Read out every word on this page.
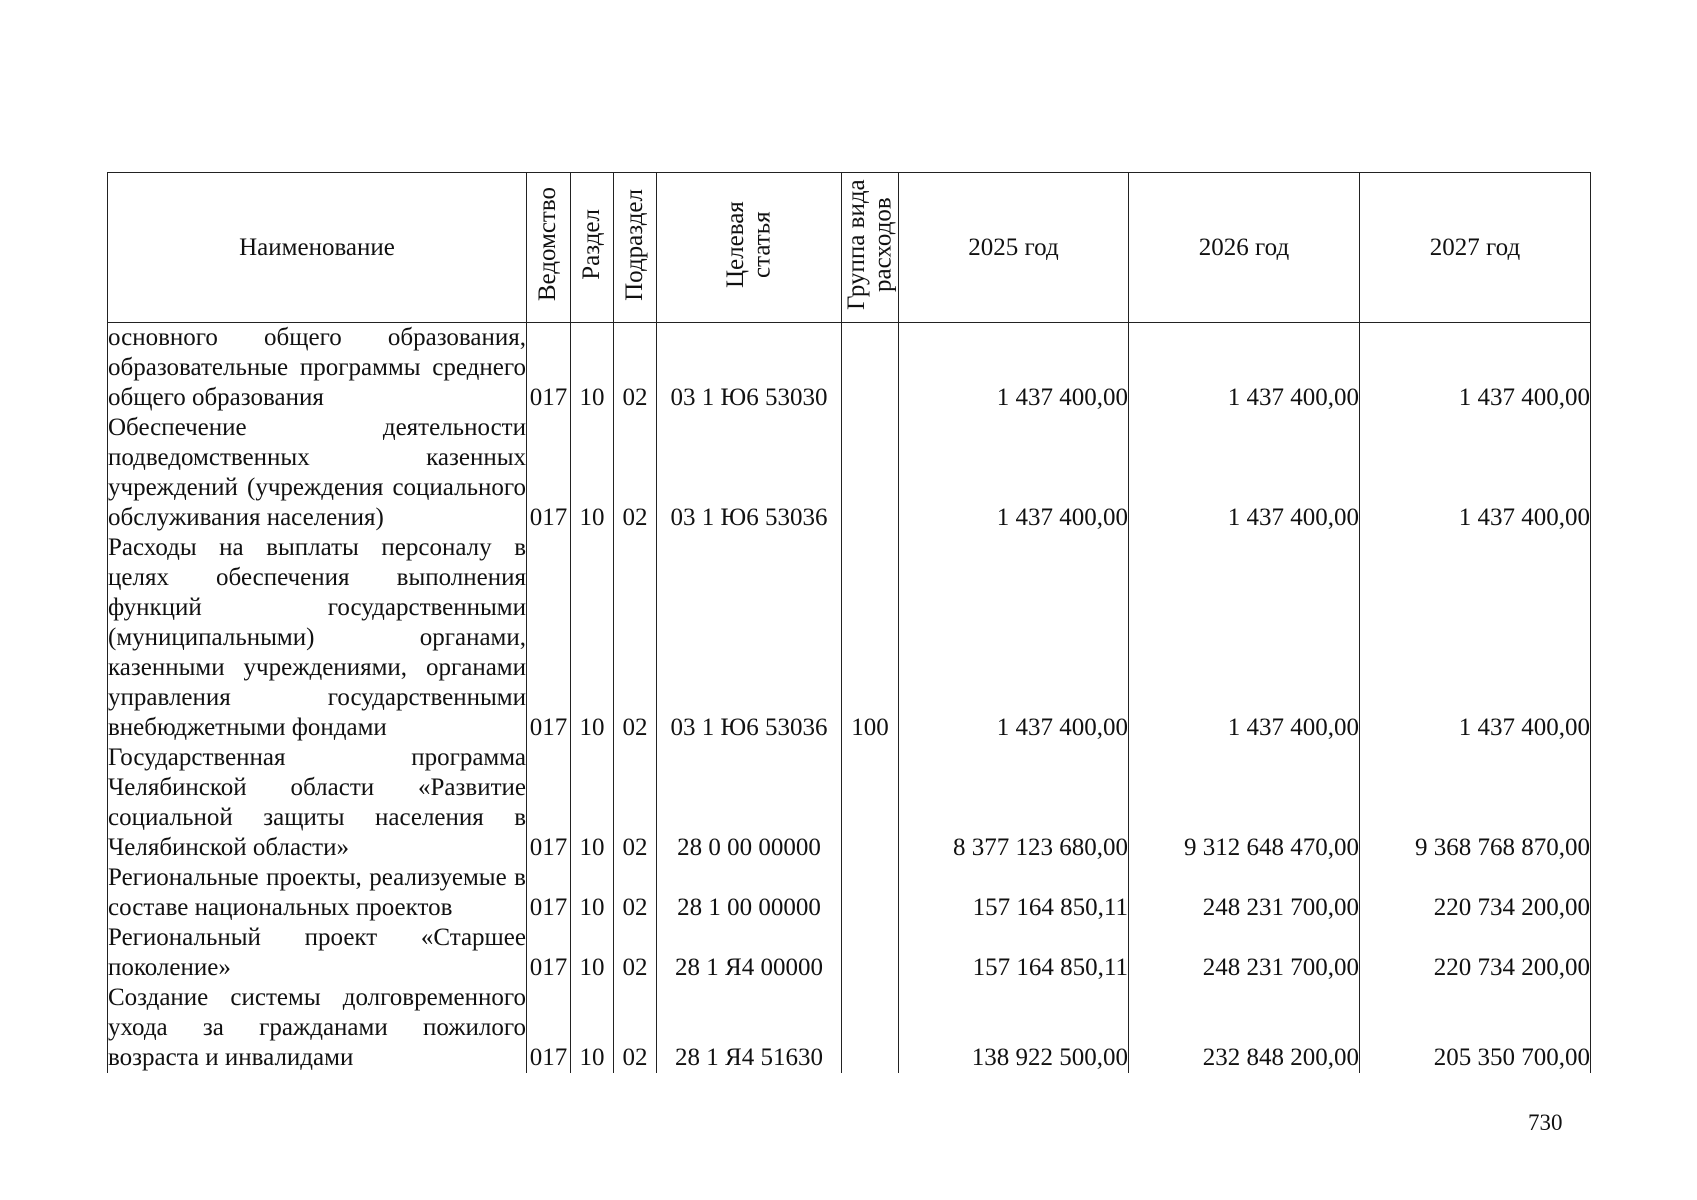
Наименование	Ведомство	Раздел	Подраздел	Целевая статья	Группа вида расходов	2025 год	2026 год	2027 год
основного общего образования, образовательные программы среднего общего образования	017	10	02	03 1 Ю6 53030		1 437 400,00	1 437 400,00	1 437 400,00
Обеспечение деятельности подведомственных казенных учреждений (учреждения социального обслуживания населения)	017	10	02	03 1 Ю6 53036		1 437 400,00	1 437 400,00	1 437 400,00
Расходы на выплаты персоналу в целях обеспечения выполнения функций государственными (муниципальными) органами, казенными учреждениями, органами управления государственными внебюджетными фондами	017	10	02	03 1 Ю6 53036	100	1 437 400,00	1 437 400,00	1 437 400,00
Государственная программа Челябинской области «Развитие социальной защиты населения в Челябинской области»	017	10	02	28 0 00 00000		8 377 123 680,00	9 312 648 470,00	9 368 768 870,00
Региональные проекты, реализуемые в составе национальных проектов	017	10	02	28 1 00 00000		157 164 850,11	248 231 700,00	220 734 200,00
Региональный проект «Старшее поколение»	017	10	02	28 1 Я4 00000		157 164 850,11	248 231 700,00	220 734 200,00
Создание системы долговременного ухода за гражданами пожилого возраста и инвалидами	017	10	02	28 1 Я4 51630		138 922 500,00	232 848 200,00	205 350 700,00
730
